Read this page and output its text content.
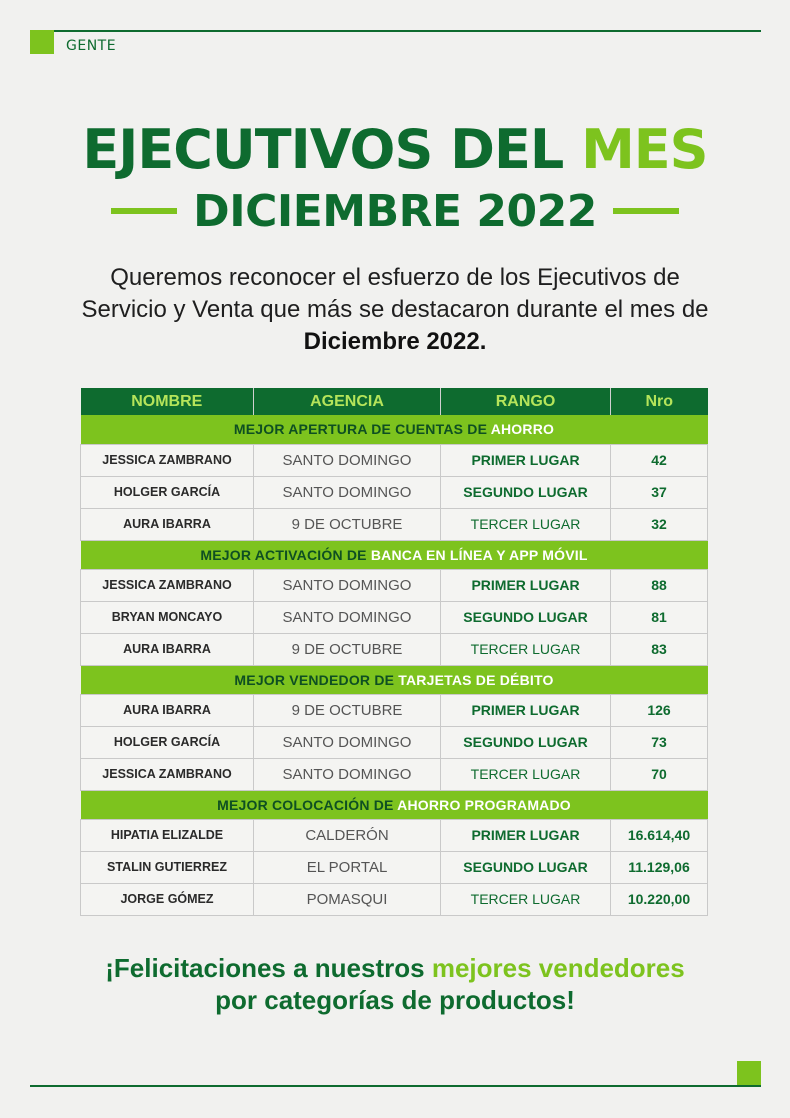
GENTE
EJECUTIVOS DEL MES
DICIEMBRE 2022
Queremos reconocer el esfuerzo de los Ejecutivos de Servicio y Venta que más se destacaron durante el mes de Diciembre 2022.
NOMBRE	AGENCIA	RANGO	Nro
MEJOR APERTURA DE CUENTAS DE AHORRO			
JESSICA ZAMBRANO	SANTO DOMINGO	PRIMER LUGAR	42
HOLGER GARCÍA	SANTO DOMINGO	SEGUNDO LUGAR	37
AURA IBARRA	9 DE OCTUBRE	TERCER LUGAR	32
MEJOR ACTIVACIÓN DE BANCA EN LÍNEA Y APP MÓVIL			
JESSICA ZAMBRANO	SANTO DOMINGO	PRIMER LUGAR	88
BRYAN MONCAYO	SANTO DOMINGO	SEGUNDO LUGAR	81
AURA IBARRA	9 DE OCTUBRE	TERCER LUGAR	83
MEJOR VENDEDOR DE TARJETAS DE DÉBITO			
AURA IBARRA	9 DE OCTUBRE	PRIMER LUGAR	126
HOLGER GARCÍA	SANTO DOMINGO	SEGUNDO LUGAR	73
JESSICA ZAMBRANO	SANTO DOMINGO	TERCER LUGAR	70
MEJOR COLOCACIÓN DE AHORRO PROGRAMADO			
HIPATIA ELIZALDE	CALDERÓN	PRIMER LUGAR	16.614,40
STALIN GUTIERREZ	EL PORTAL	SEGUNDO LUGAR	11.129,06
JORGE GÓMEZ	POMASQUI	TERCER LUGAR	10.220,00
¡Felicitaciones a nuestros mejores vendedores
por categorías de productos!
